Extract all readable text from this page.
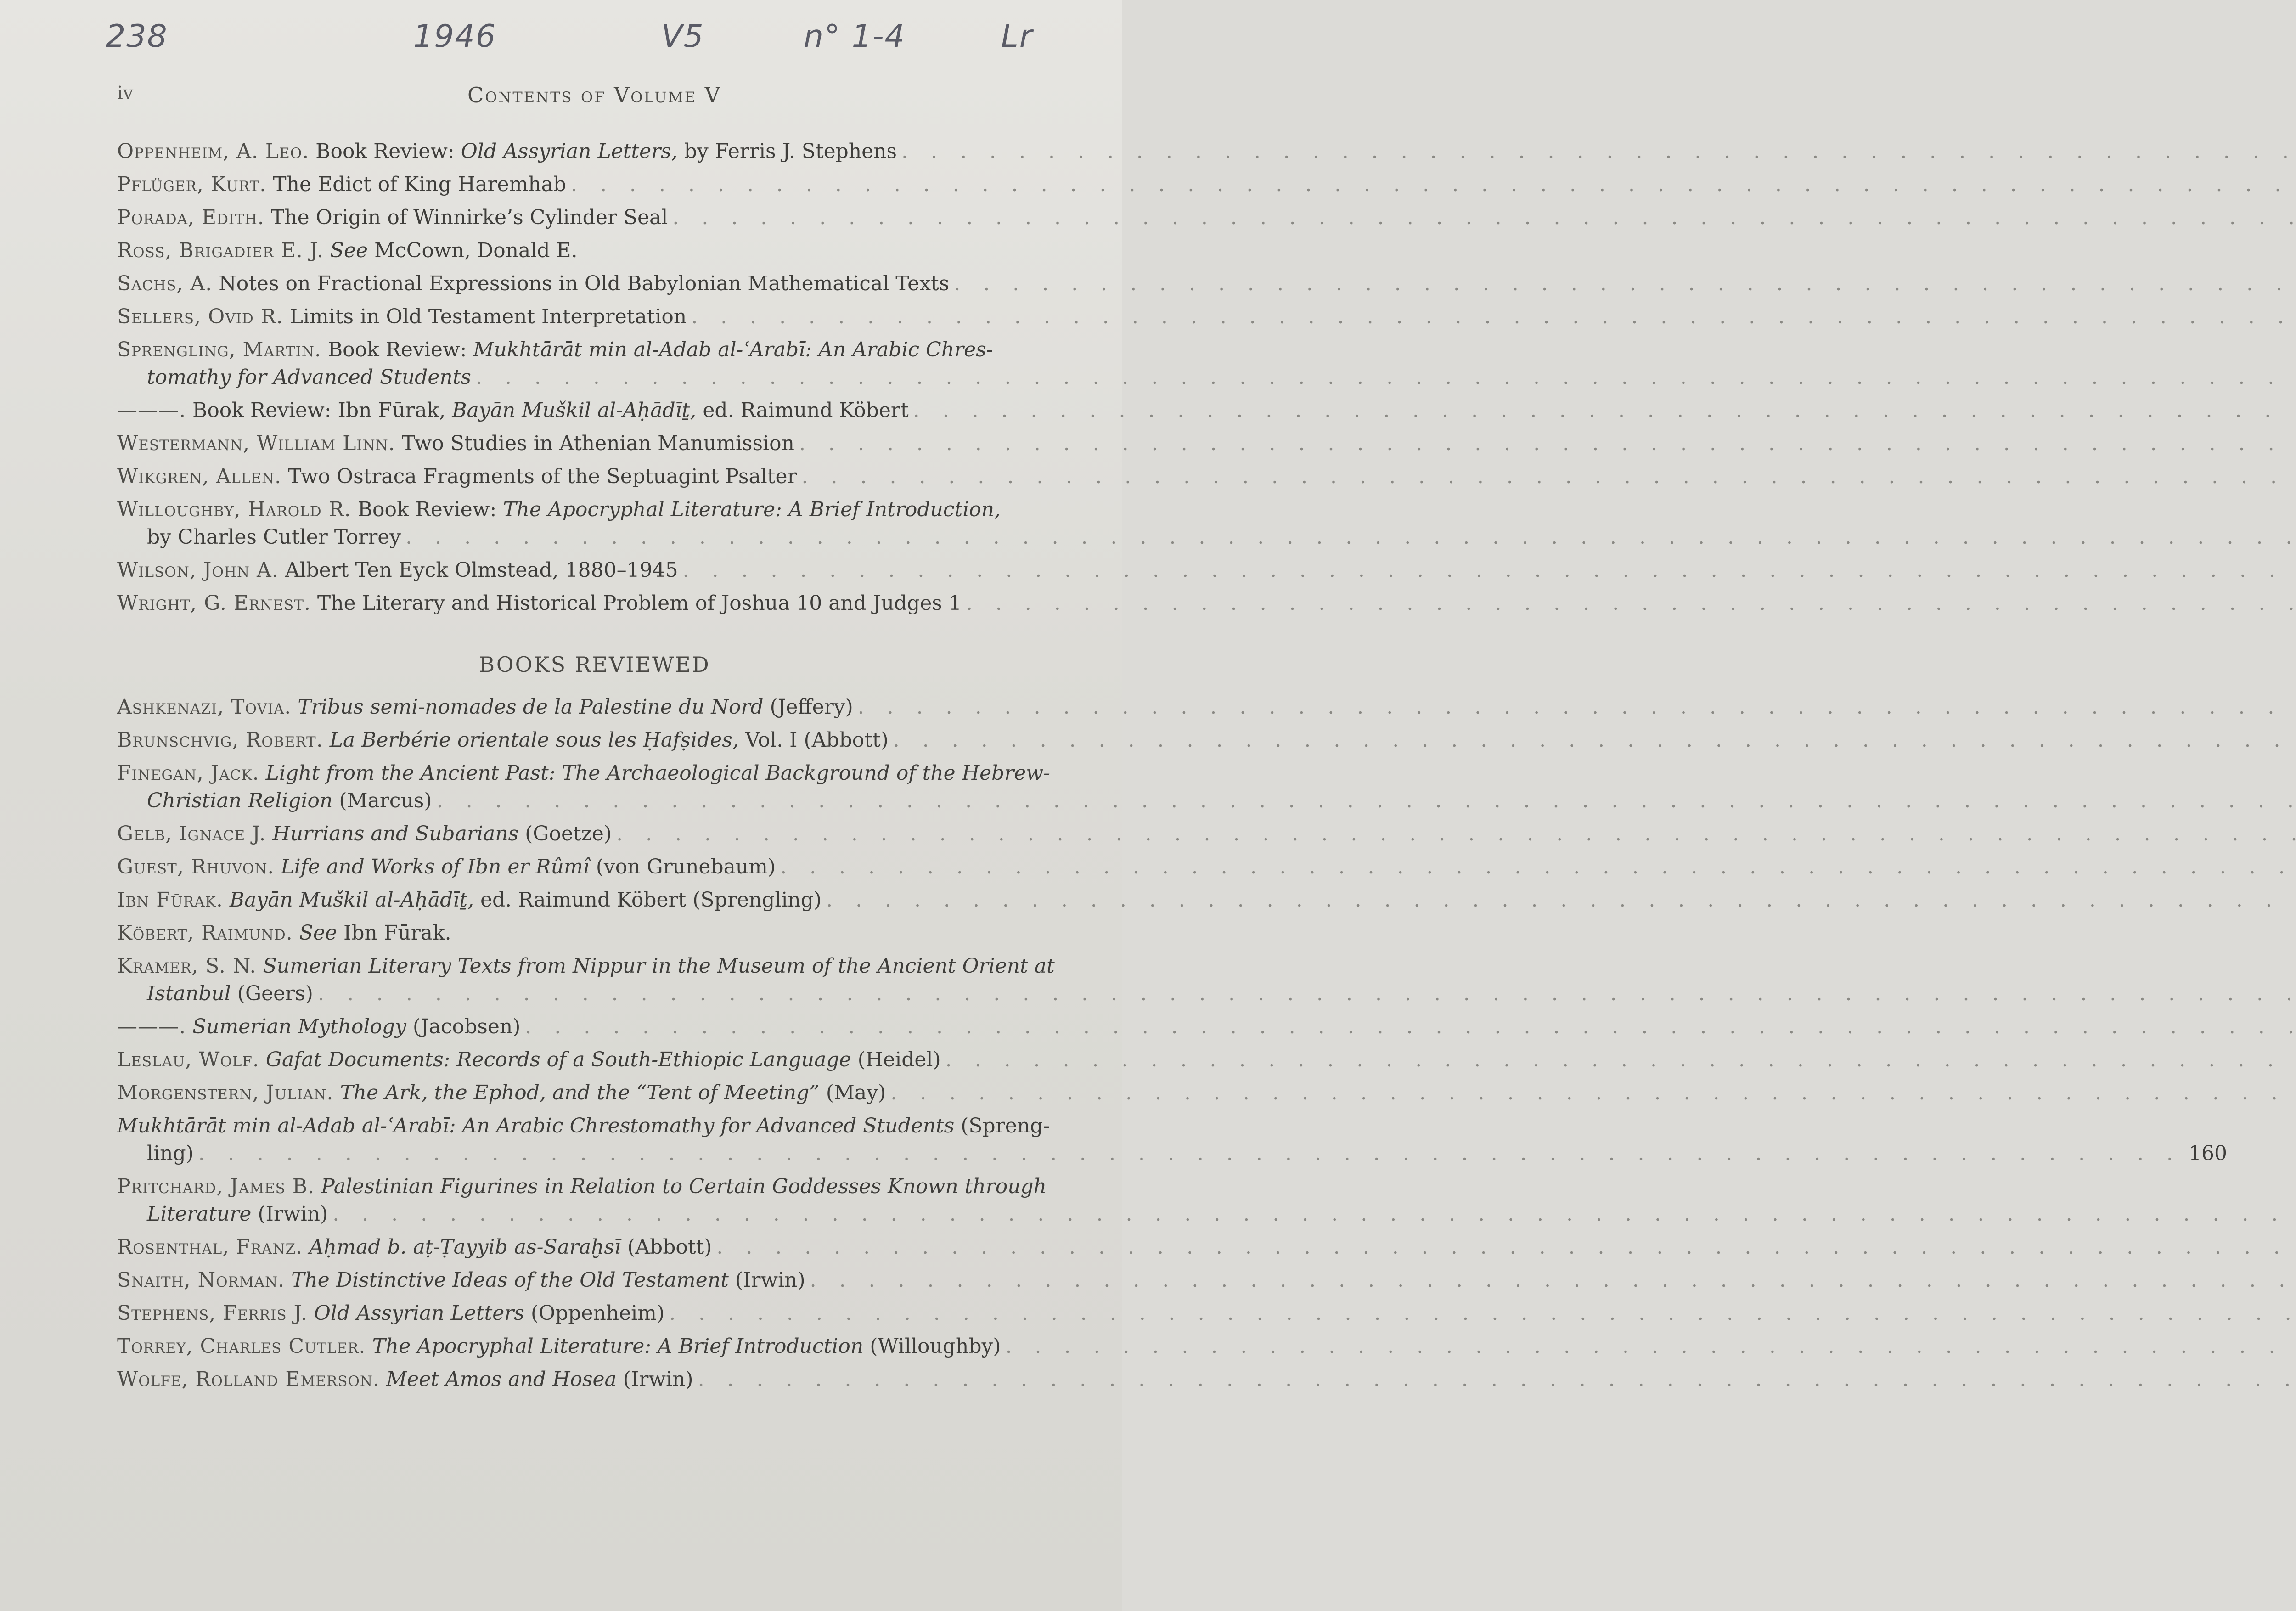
238	1946	V5	n° 1-4	Lr
iv	Contents of Volume V
Oppenheim, A. Leo. Book Review: Old Assyrian Letters, by Ferris J. Stephens
. . .
Pflüger, Kurt. The Edict of King Haremhab
. . .
Porada, Edith. The Origin of Winnirke’s Cylinder Seal
. . .
Ross, Brigadier E. J. See McCown, Donald E.
Sachs, A. Notes on Fractional Expressions in Old Babylonian Mathematical Texts
. . .
Sellers, Ovid R. Limits in Old Testament Interpretation
. . .
Sprengling, Martin. Book Review: Mukhtārāt min al-Adab al-ʿArabī: An Arabic Chres-
tomathy for Advanced Students
. . .
———. Book Review: Ibn Fūrak, Bayān Muškil al-Aḥādīṯ, ed. Raimund Köbert
. . .
Westermann, William Linn. Two Studies in Athenian Manumission
. . .
Wikgren, Allen. Two Ostraca Fragments of the Septuagint Psalter
. . .
Willoughby, Harold R. Book Review: The Apocryphal Literature: A Brief Introduction,
by Charles Cutler Torrey
. . .
Wilson, John A. Albert Ten Eyck Olmstead, 1880–1945
. . .
Wright, G. Ernest. The Literary and Historical Problem of Joshua 10 and Judges 1
. . .
BOOKS REVIEWED
Ashkenazi, Tovia. Tribus semi-nomades de la Palestine du Nord (Jeffery)
. . .
Brunschvig, Robert. La Berbérie orientale sous les Ḥafṣides, Vol. I (Abbott)
. . .
Finegan, Jack. Light from the Ancient Past: The Archaeological Background of the Hebrew-
Christian Religion (Marcus)
. . .
Gelb, Ignace J. Hurrians and Subarians (Goetze)
. . .
Guest, Rhuvon. Life and Works of Ibn er Rûmî (von Grunebaum)
. . .
Ibn Fūrak. Bayān Muškil al-Aḥādīṯ, ed. Raimund Köbert (Sprengling)
. . .
Köbert, Raimund. See Ibn Fūrak.
Kramer, S. N. Sumerian Literary Texts from Nippur in the Museum of the Ancient Orient at
Istanbul (Geers)
. . .
———. Sumerian Mythology (Jacobsen)
. . .
Leslau, Wolf. Gafat Documents: Records of a South-Ethiopic Language (Heidel)
. . .
Morgenstern, Julian. The Ark, the Ephod, and the “Tent of Meeting” (May)
. . .
Mukhtārāt min al-Adab al-ʿArabī: An Arabic Chrestomathy for Advanced Students (Spreng-
ling)
. . .	160
Pritchard, James B. Palestinian Figurines in Relation to Certain Goddesses Known through
Literature (Irwin)
. . .
Rosenthal, Franz. Aḥmad b. aṭ-Ṭayyib as-Saraḫsī (Abbott)
. . .
Snaith, Norman. The Distinctive Ideas of the Old Testament (Irwin)
. . .
Stephens, Ferris J. Old Assyrian Letters (Oppenheim)
. . .
Torrey, Charles Cutler. The Apocryphal Literature: A Brief Introduction (Willoughby)
. . .
Wolfe, Rolland Emerson. Meet Amos and Hosea (Irwin)
. . .
